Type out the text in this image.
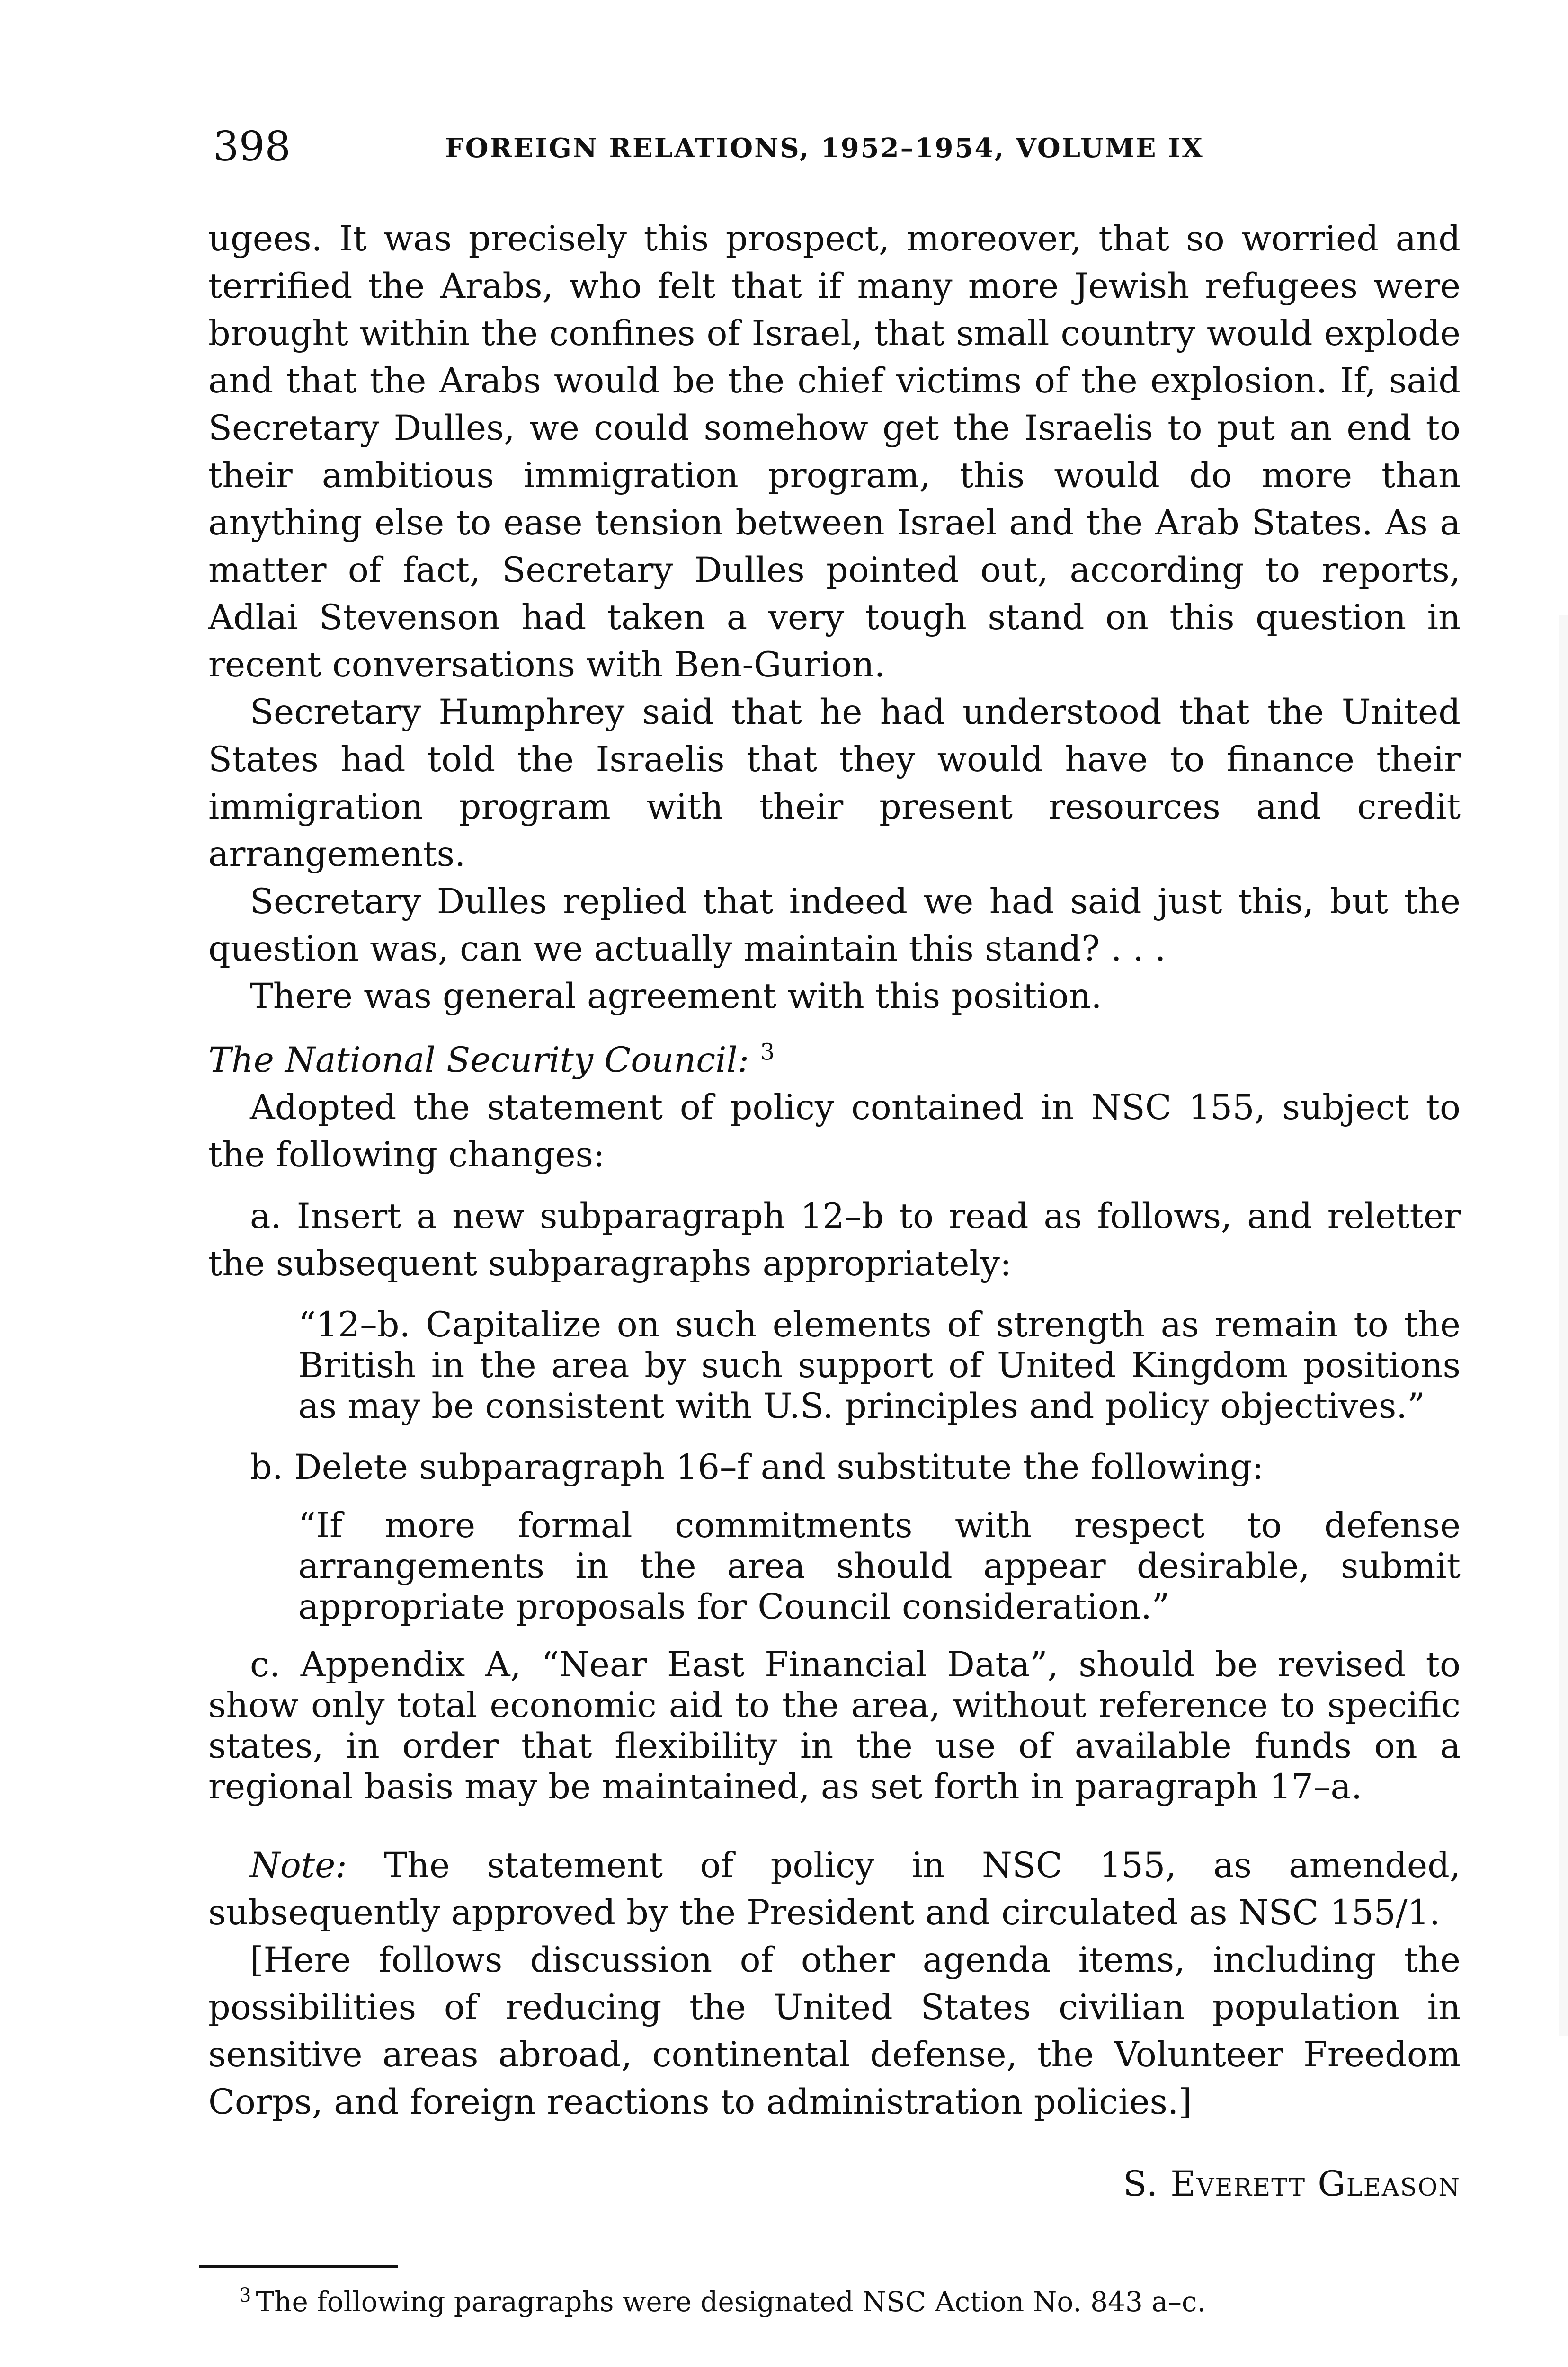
398	FOREIGN RELATIONS, 1952–1954, VOLUME IX

ugees. It was precisely this prospect, moreover, that so worried and terrified the Arabs, who felt that if many more Jewish refugees were brought within the confines of Israel, that small country would explode and that the Arabs would be the chief victims of the explosion. If, said Secretary Dulles, we could somehow get the Israelis to put an end to their ambitious immigration program, this would do more than anything else to ease tension between Israel and the Arab States. As a matter of fact, Secretary Dulles pointed out, according to reports, Adlai Stevenson had taken a very tough stand on this question in recent conversations with Ben-Gurion.

Secretary Humphrey said that he had understood that the United States had told the Israelis that they would have to finance their immigration program with their present resources and credit arrangements.

Secretary Dulles replied that indeed we had said just this, but the question was, can we actually maintain this stand? . . .

There was general agreement with this position.

The National Security Council: $^3$

Adopted the statement of policy contained in NSC 155, subject to the following changes:

a. Insert a new subparagraph 12–b to read as follows, and reletter the subsequent subparagraphs appropriately:

“12–b. Capitalize on such elements of strength as remain to the British in the area by such support of United Kingdom positions as may be consistent with U.S. principles and policy objectives.”

b. Delete subparagraph 16–f and substitute the following:

“If more formal commitments with respect to defense arrangements in the area should appear desirable, submit appropriate proposals for Council consideration.”

c. Appendix A, “Near East Financial Data”, should be revised to show only total economic aid to the area, without reference to specific states, in order that flexibility in the use of available funds on a regional basis may be maintained, as set forth in paragraph 17–a.

Note: The statement of policy in NSC 155, as amended, subsequently approved by the President and circulated as NSC 155/1.

[Here follows discussion of other agenda items, including the possibilities of reducing the United States civilian population in sensitive areas abroad, continental defense, the Volunteer Freedom Corps, and foreign reactions to administration policies.]

S. Everett Gleason

$^3$ The following paragraphs were designated NSC Action No. 843 a–c.
